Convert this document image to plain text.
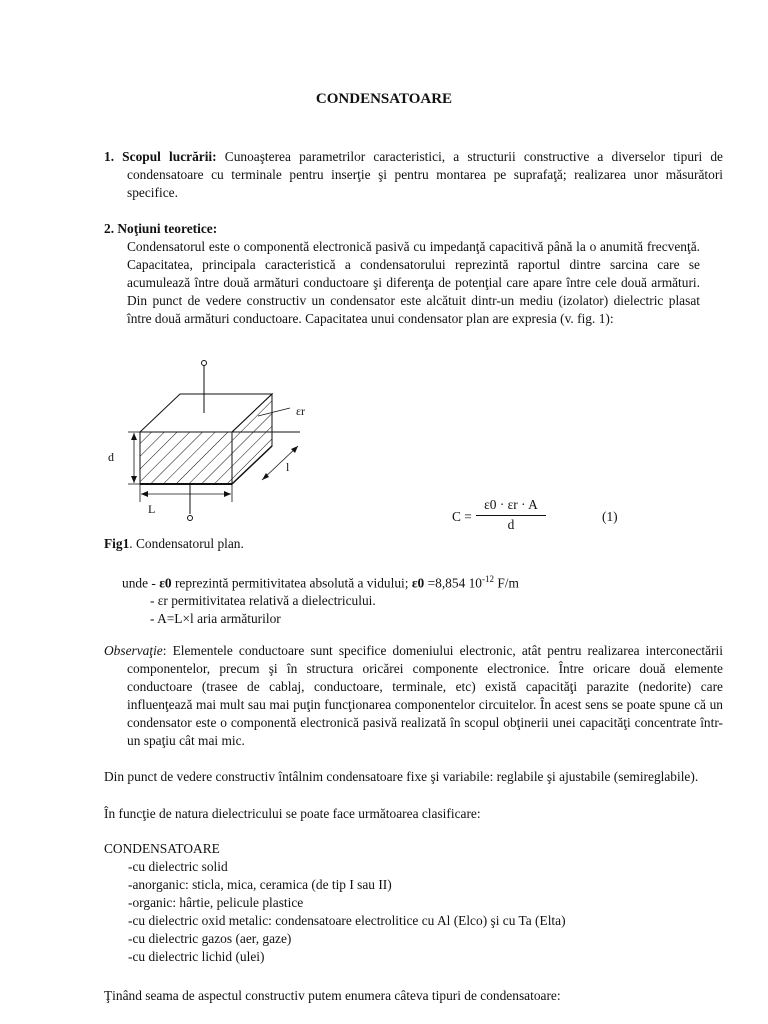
CONDENSATOARE
1. Scopul lucrării: Cunoaşterea parametrilor caracteristici, a structurii constructive a diverselor tipuri de condensatoare cu terminale pentru inserţie şi pentru montarea pe suprafaţă; realizarea unor măsurători specifice.
2. Noţiuni teoretice:
Condensatorul este o componentă electronică pasivă cu impedanţă capacitivă până la o anumită frecvenţă. Capacitatea, principala caracteristică a condensatorului reprezintă raportul dintre sarcina care se acumulează între două armături conductoare şi diferenţa de potenţial care apare între cele două armături. Din punct de vedere constructiv un condensator este alcătuit dintr-un mediu (izolator) dielectric plasat între două armături conductoare. Capacitatea unui condensator plan are expresia (v. fig. 1):
εr
d
l
L	$C = \frac{\varepsilon 0 \cdot \varepsilon r \cdot A}{d}$	(1)
Fig1. Condensatorul plan.
unde - ε0 reprezintă permitivitatea absolută a vidului; ε0 =8,854 $10^{-12}$ F/m
- εr permitivitatea relativă a dielectricului.
- A=L×l aria armăturilor
Observaţie: Elementele conductoare sunt specifice domeniului electronic, atât pentru realizarea interconectării componentelor, precum şi în structura oricărei componente electronice. Între oricare două elemente conductoare (trasee de cablaj, conductoare, terminale, etc) există capacităţi parazite (nedorite) care influenţează mai mult sau mai puţin funcţionarea componentelor circuitelor. În acest sens se poate spune că un condensator este o componentă electronică pasivă realizată în scopul obţinerii unei capacităţi concentrate într-un spaţiu cât mai mic.
Din punct de vedere constructiv întâlnim condensatoare fixe şi variabile: reglabile şi ajustabile (semireglabile).
În funcţie de natura dielectricului se poate face următoarea clasificare:
CONDENSATOARE
-cu dielectric solid
-anorganic: sticla, mica, ceramica (de tip I sau II)
-organic: hârtie, pelicule plastice
-cu dielectric oxid metalic: condensatoare electrolitice cu Al (Elco) şi cu Ta (Elta)
-cu dielectric gazos (aer, gaze)
-cu dielectric lichid (ulei)
Ţinând seama de aspectul constructiv putem enumera câteva tipuri de condensatoare:
